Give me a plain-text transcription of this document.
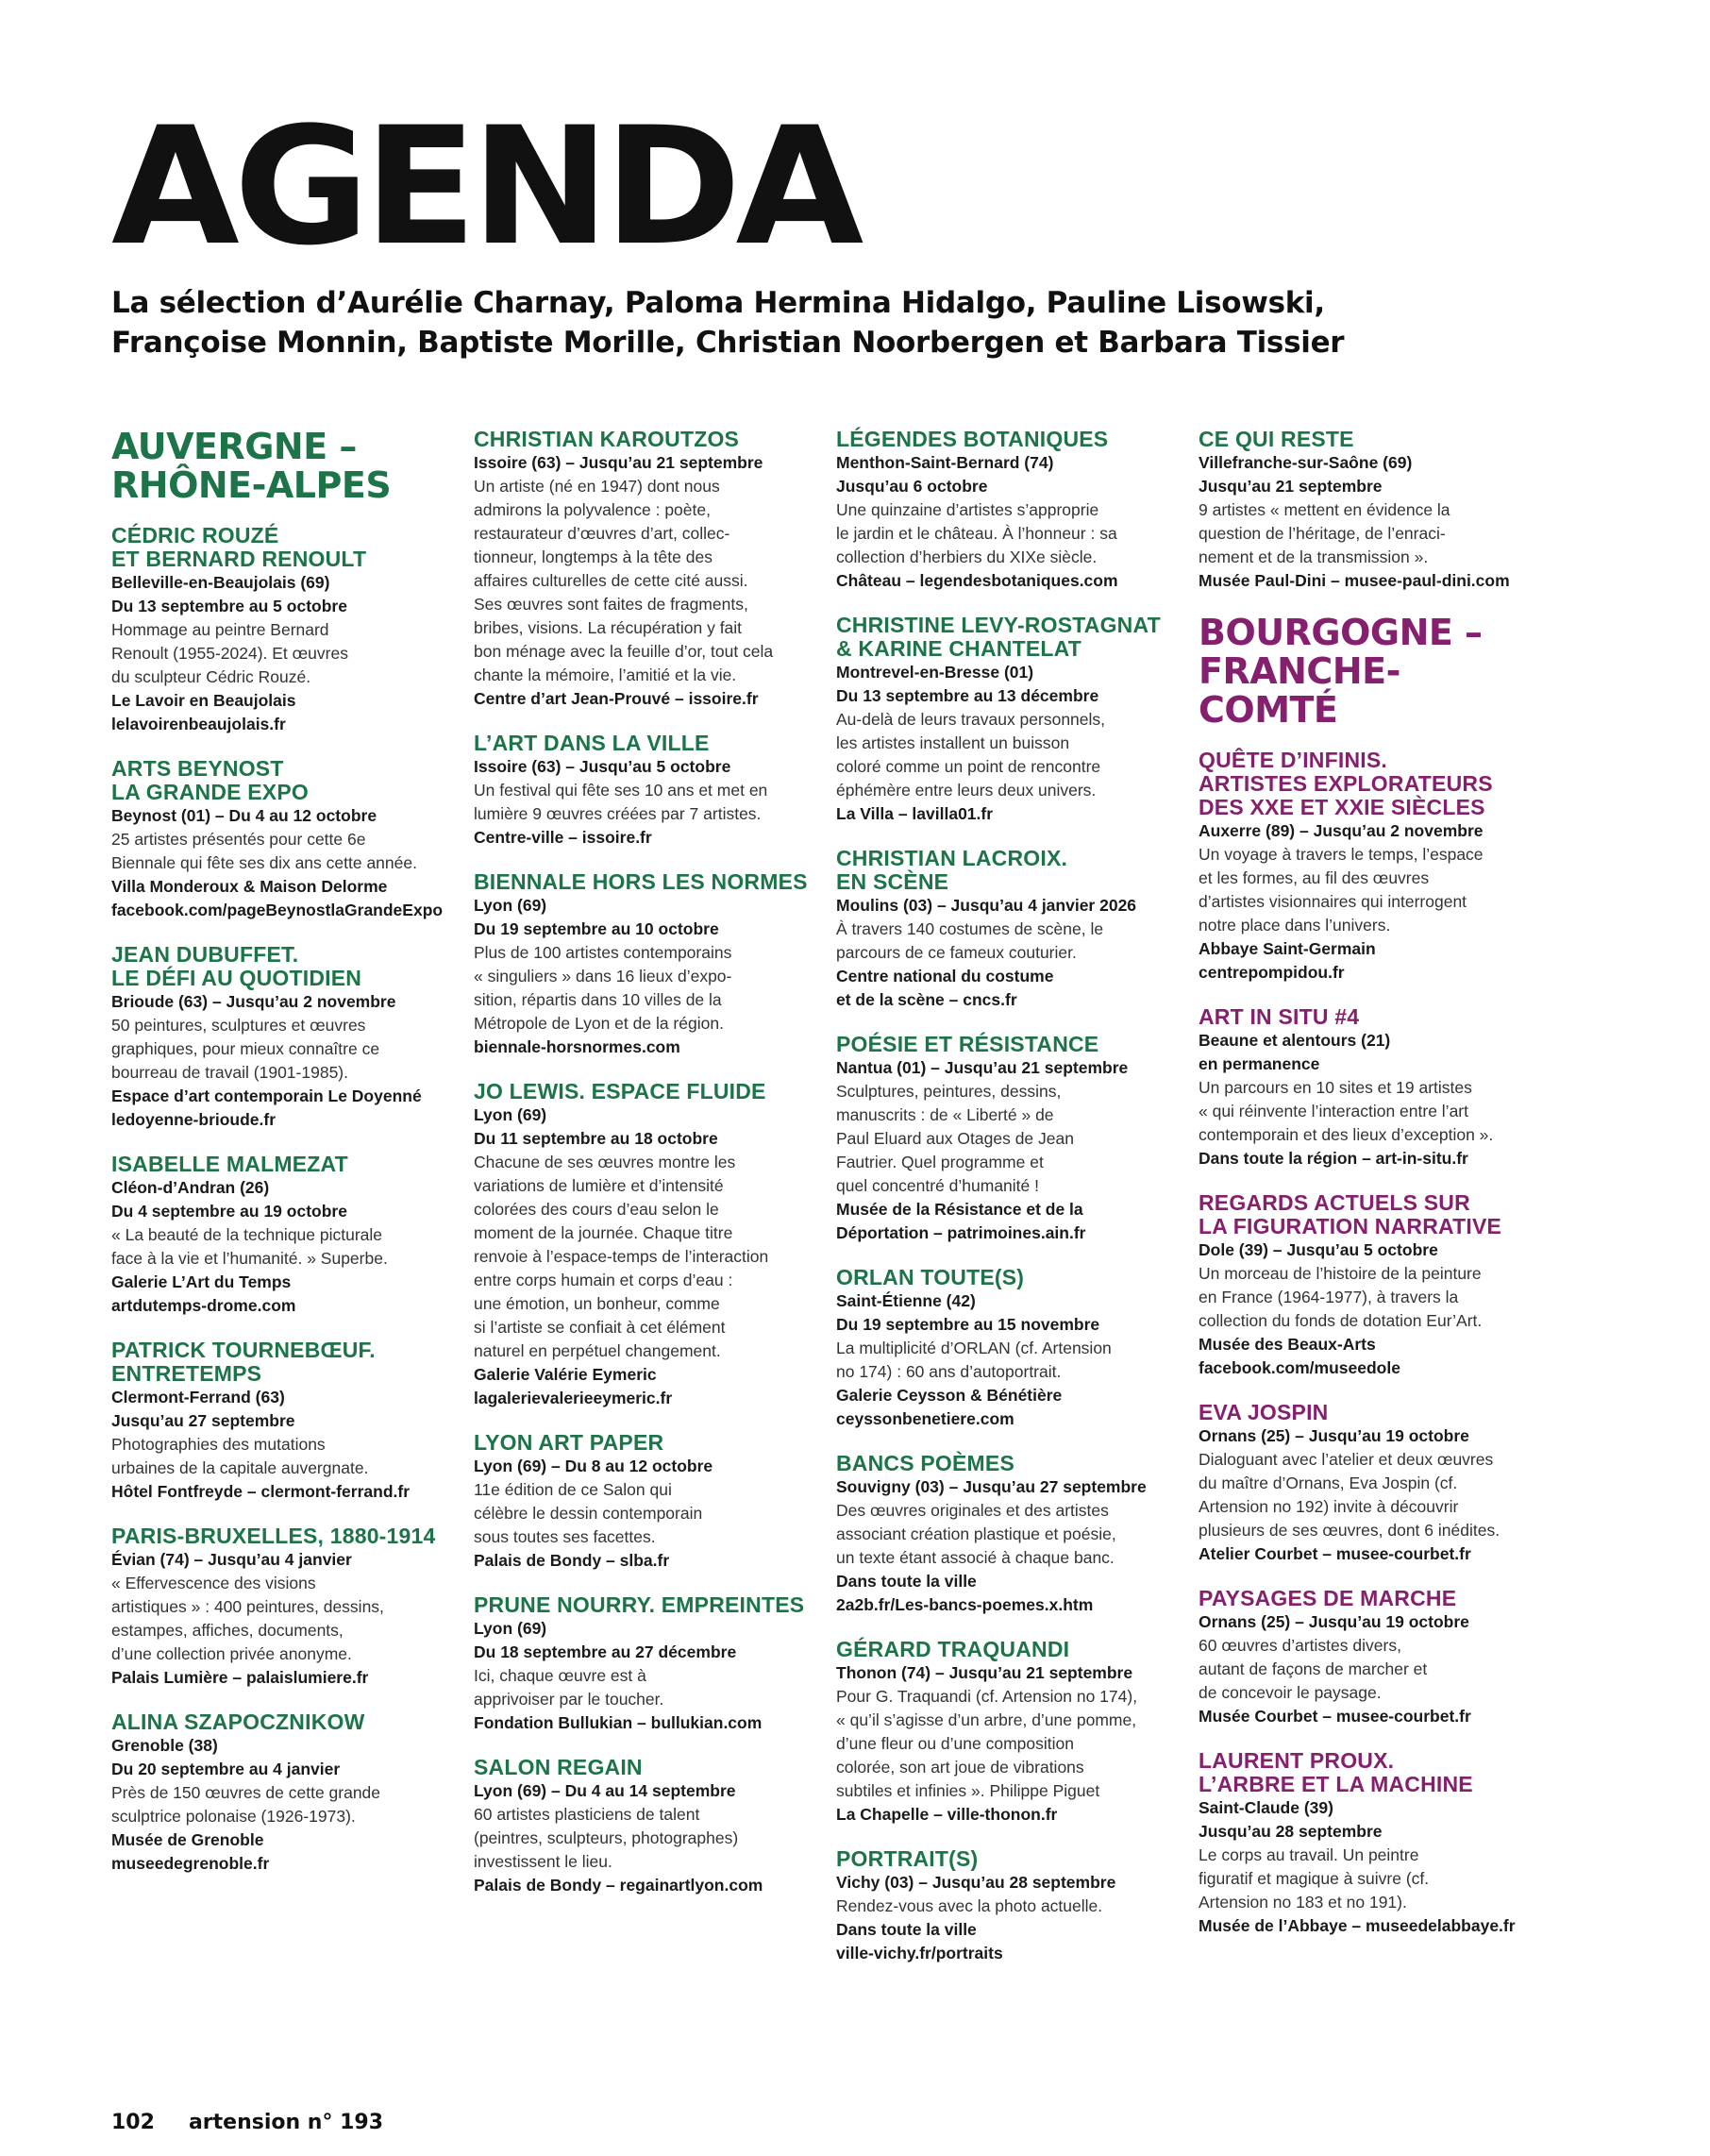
AGENDA
La sélection d’Aurélie Charnay, Paloma Hermina Hidalgo, Pauline Lisowski,
Françoise Monnin, Baptiste Morille, Christian Noorbergen et Barbara Tissier
AUVERGNE –
RHÔNE-ALPES
CÉDRIC ROUZÉ
ET BERNARD RENOULT
Belleville-en-Beaujolais (69)
Du 13 septembre au 5 octobre
Hommage au peintre Bernard
Renoult (1955-2024). Et œuvres
du sculpteur Cédric Rouzé.
Le Lavoir en Beaujolais
lelavoirenbeaujolais.fr
ARTS BEYNOST
LA GRANDE EXPO
Beynost (01) – Du 4 au 12 octobre
25 artistes présentés pour cette 6e
Biennale qui fête ses dix ans cette année.
Villa Monderoux & Maison Delorme
facebook.com/pageBeynostlaGrandeExpo
JEAN DUBUFFET.
LE DÉFI AU QUOTIDIEN
Brioude (63) – Jusqu’au 2 novembre
50 peintures, sculptures et œuvres
graphiques, pour mieux connaître ce
bourreau de travail (1901-1985).
Espace d’art contemporain Le Doyenné
ledoyenne-brioude.fr
ISABELLE MALMEZAT
Cléon-d’Andran (26)
Du 4 septembre au 19 octobre
« La beauté de la technique picturale
face à la vie et l’humanité. » Superbe.
Galerie L’Art du Temps
artdutemps-drome.com
PATRICK TOURNEBŒUF.
ENTRETEMPS
Clermont-Ferrand (63)
Jusqu’au 27 septembre
Photographies des mutations
urbaines de la capitale auvergnate.
Hôtel Fontfreyde – clermont-ferrand.fr
PARIS-BRUXELLES, 1880-1914
Évian (74) – Jusqu’au 4 janvier
« Effervescence des visions
artistiques » : 400 peintures, dessins,
estampes, affiches, documents,
d’une collection privée anonyme.
Palais Lumière – palaislumiere.fr
ALINA SZAPOCZNIKOW
Grenoble (38)
Du 20 septembre au 4 janvier
Près de 150 œuvres de cette grande
sculptrice polonaise (1926-1973).
Musée de Grenoble
museedegrenoble.fr
CHRISTIAN KAROUTZOS
Issoire (63) – Jusqu’au 21 septembre
Un artiste (né en 1947) dont nous
admirons la polyvalence : poète,
restaurateur d’œuvres d’art, collec-
tionneur, longtemps à la tête des
affaires culturelles de cette cité aussi.
Ses œuvres sont faites de fragments,
bribes, visions. La récupération y fait
bon ménage avec la feuille d’or, tout cela
chante la mémoire, l’amitié et la vie.
Centre d’art Jean-Prouvé – issoire.fr
L’ART DANS LA VILLE
Issoire (63) – Jusqu’au 5 octobre
Un festival qui fête ses 10 ans et met en
lumière 9 œuvres créées par 7 artistes.
Centre-ville – issoire.fr
BIENNALE HORS LES NORMES
Lyon (69)
Du 19 septembre au 10 octobre
Plus de 100 artistes contemporains
« singuliers » dans 16 lieux d’expo-
sition, répartis dans 10 villes de la
Métropole de Lyon et de la région.
biennale-horsnormes.com
JO LEWIS. ESPACE FLUIDE
Lyon (69)
Du 11 septembre au 18 octobre
Chacune de ses œuvres montre les
variations de lumière et d’intensité
colorées des cours d’eau selon le
moment de la journée. Chaque titre
renvoie à l’espace-temps de l’interaction
entre corps humain et corps d’eau :
une émotion, un bonheur, comme
si l’artiste se confiait à cet élément
naturel en perpétuel changement.
Galerie Valérie Eymeric
lagalerievalerieeymeric.fr
LYON ART PAPER
Lyon (69) – Du 8 au 12 octobre
11e édition de ce Salon qui
célèbre le dessin contemporain
sous toutes ses facettes.
Palais de Bondy – slba.fr
PRUNE NOURRY. EMPREINTES
Lyon (69)
Du 18 septembre au 27 décembre
Ici, chaque œuvre est à
apprivoiser par le toucher.
Fondation Bullukian – bullukian.com
SALON REGAIN
Lyon (69) – Du 4 au 14 septembre
60 artistes plasticiens de talent
(peintres, sculpteurs, photographes)
investissent le lieu.
Palais de Bondy – regainartlyon.com
LÉGENDES BOTANIQUES
Menthon-Saint-Bernard (74)
Jusqu’au 6 octobre
Une quinzaine d’artistes s’approprie
le jardin et le château. À l’honneur : sa
collection d’herbiers du XIXe siècle.
Château – legendesbotaniques.com
CHRISTINE LEVY-ROSTAGNAT
& KARINE CHANTELAT
Montrevel-en-Bresse (01)
Du 13 septembre au 13 décembre
Au-delà de leurs travaux personnels,
les artistes installent un buisson
coloré comme un point de rencontre
éphémère entre leurs deux univers.
La Villa – lavilla01.fr
CHRISTIAN LACROIX.
EN SCÈNE
Moulins (03) – Jusqu’au 4 janvier 2026
À travers 140 costumes de scène, le
parcours de ce fameux couturier.
Centre national du costume
et de la scène – cncs.fr
POÉSIE ET RÉSISTANCE
Nantua (01) – Jusqu’au 21 septembre
Sculptures, peintures, dessins,
manuscrits : de « Liberté » de
Paul Eluard aux Otages de Jean
Fautrier. Quel programme et
quel concentré d’humanité !
Musée de la Résistance et de la
Déportation – patrimoines.ain.fr
ORLAN TOUTE(S)
Saint-Étienne (42)
Du 19 septembre au 15 novembre
La multiplicité d’ORLAN (cf. Artension
no 174) : 60 ans d’autoportrait.
Galerie Ceysson & Bénétière
ceyssonbenetiere.com
BANCS POÈMES
Souvigny (03) – Jusqu’au 27 septembre
Des œuvres originales et des artistes
associant création plastique et poésie,
un texte étant associé à chaque banc.
Dans toute la ville
2a2b.fr/Les-bancs-poemes.x.htm
GÉRARD TRAQUANDI
Thonon (74) – Jusqu’au 21 septembre
Pour G. Traquandi (cf. Artension no 174),
« qu’il s’agisse d’un arbre, d’une pomme,
d’une fleur ou d’une composition
colorée, son art joue de vibrations
subtiles et infinies ». Philippe Piguet
La Chapelle – ville-thonon.fr
PORTRAIT(S)
Vichy (03) – Jusqu’au 28 septembre
Rendez-vous avec la photo actuelle.
Dans toute la ville
ville-vichy.fr/portraits
CE QUI RESTE
Villefranche-sur-Saône (69)
Jusqu’au 21 septembre
9 artistes « mettent en évidence la
question de l’héritage, de l’enraci-
nement et de la transmission ».
Musée Paul-Dini – musee-paul-dini.com
BOURGOGNE –
FRANCHE-
COMTÉ
QUÊTE D’INFINIS.
ARTISTES EXPLORATEURS
DES XXE ET XXIE SIÈCLES
Auxerre (89) – Jusqu’au 2 novembre
Un voyage à travers le temps, l’espace
et les formes, au fil des œuvres
d’artistes visionnaires qui interrogent
notre place dans l’univers.
Abbaye Saint-Germain
centrepompidou.fr
ART IN SITU #4
Beaune et alentours (21)
en permanence
Un parcours en 10 sites et 19 artistes
« qui réinvente l’interaction entre l’art
contemporain et des lieux d’exception ».
Dans toute la région – art-in-situ.fr
REGARDS ACTUELS SUR
LA FIGURATION NARRATIVE
Dole (39) – Jusqu’au 5 octobre
Un morceau de l’histoire de la peinture
en France (1964-1977), à travers la
collection du fonds de dotation Eur’Art.
Musée des Beaux-Arts
facebook.com/museedole
EVA JOSPIN
Ornans (25) – Jusqu’au 19 octobre
Dialoguant avec l’atelier et deux œuvres
du maître d’Ornans, Eva Jospin (cf.
Artension no 192) invite à découvrir
plusieurs de ses œuvres, dont 6 inédites.
Atelier Courbet – musee-courbet.fr
PAYSAGES DE MARCHE
Ornans (25) – Jusqu’au 19 octobre
60 œuvres d’artistes divers,
autant de façons de marcher et
de concevoir le paysage.
Musée Courbet – musee-courbet.fr
LAURENT PROUX.
L’ARBRE ET LA MACHINE
Saint-Claude (39)
Jusqu’au 28 septembre
Le corps au travail. Un peintre
figuratif et magique à suivre (cf.
Artension no 183 et no 191).
Musée de l’Abbaye – museedelabbaye.fr
102 artension n° 193
